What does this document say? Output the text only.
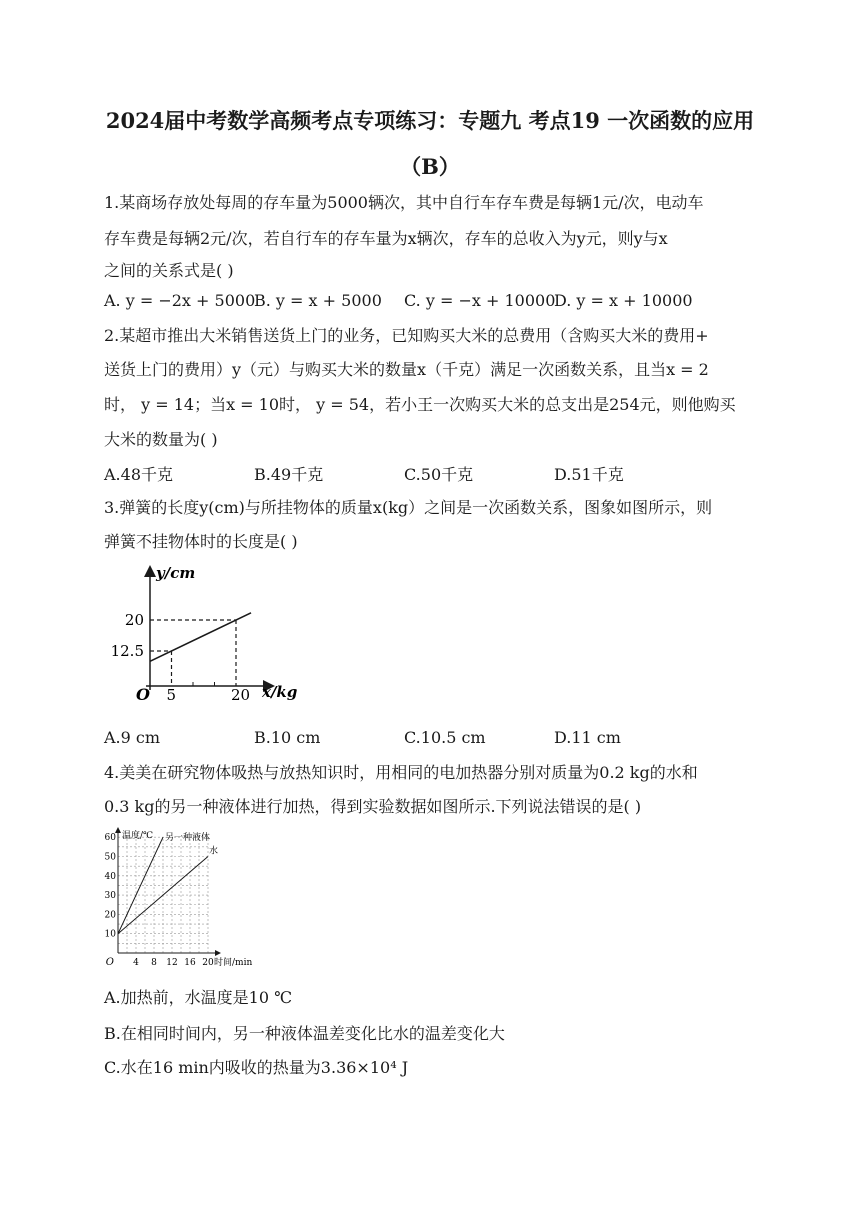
2024届中考数学高频考点专项练习：专题九 考点19 一次函数的应用
（B）
1.某商场存放处每周的存车量为5000辆次，其中自行车存车费是每辆1元/次，电动车
存车费是每辆2元/次，若自行车的存车量为x辆次，存车的总收入为y元，则y与x
之间的关系式是( )
A. y = −2x + 5000
B. y = x + 5000 C. y = −x + 10000
D. y = x + 10000
2.某超市推出大米销售送货上门的业务，已知购买大米的总费用（含购买大米的费用+
送货上门的费用）y（元）与购买大米的数量x（千克）满足一次函数关系，且当x = 2
时， y = 14；当x = 10时， y = 54，若小王一次购买大米的总支出是254元，则他购买
大米的数量为( )
A.48千克	B.49千克	C.50千克	D.51千克
3.弹簧的长度y(cm)与所挂物体的质量x(kg）之间是一次函数关系，图象如图所示，则
弹簧不挂物体时的长度是( )
5
12.5
20
20
O	x/kg
y/cm
A.9 cm	B.10 cm	C.10.5 cm	D.11 cm
4.美美在研究物体吸热与放热知识时，用相同的电加热器分别对质量为0.2 kg的水和
0.3 kg的另一种液体进行加热，得到实验数据如图所示.下列说法错误的是( )
4 8 12 16 20
10
20
30
40
50
60
O	时间/min
温度/℃ 另一种液体
水
A.加热前，水温度是10 ℃
B.在相同时间内，另一种液体温差变化比水的温差变化大
C.水在16 min内吸收的热量为3.36×10⁴ J
